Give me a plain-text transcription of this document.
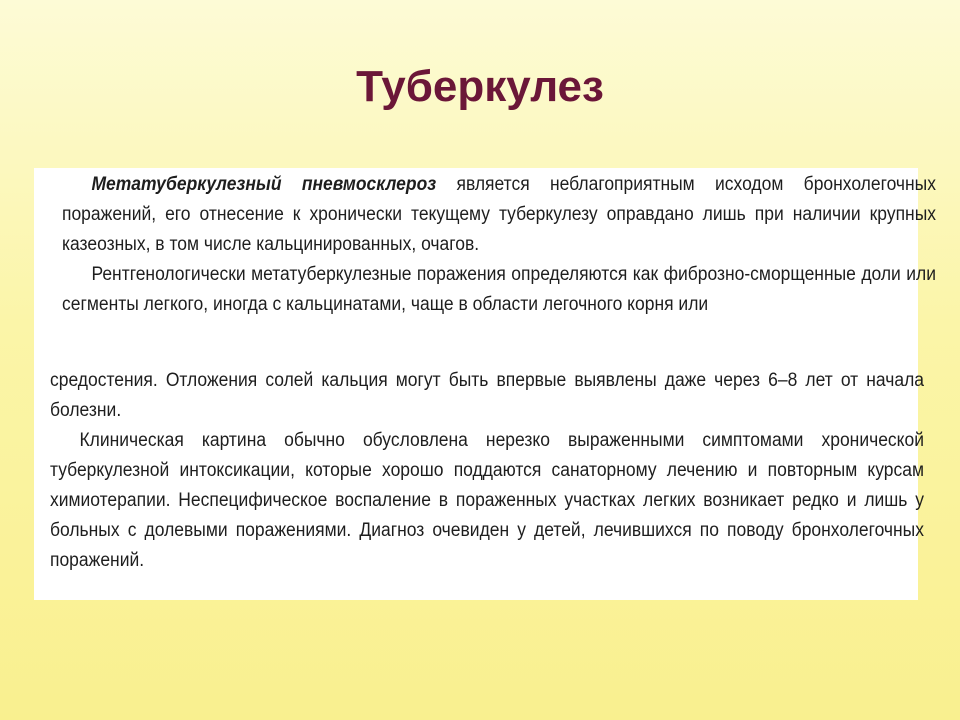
Туберкулез

Метатуберкулезный пневмосклероз является неблагоприятным исходом бронхолегочных поражений, его отнесение к хронически текущему туберкулезу оправдано лишь при наличии крупных казеозных, в том числе кальцинированных, очагов.

Рентгенологически метатуберкулезные поражения определяются как фиброзно-сморщенные доли или сегменты легкого, иногда с кальцинатами, чаще в области легочного корня или

средостения. Отложения солей кальция могут быть впервые выявлены даже через 6–8 лет от начала болезни.

Клиническая картина обычно обусловлена нерезко выраженными симптомами хронической туберкулезной интоксикации, которые хорошо поддаются санаторному лечению и повторным курсам химиотерапии. Неспецифическое воспаление в пораженных участках легких возникает редко и лишь у больных с долевыми поражениями. Диагноз очевиден у детей, лечившихся по поводу бронхолегочных поражений.
